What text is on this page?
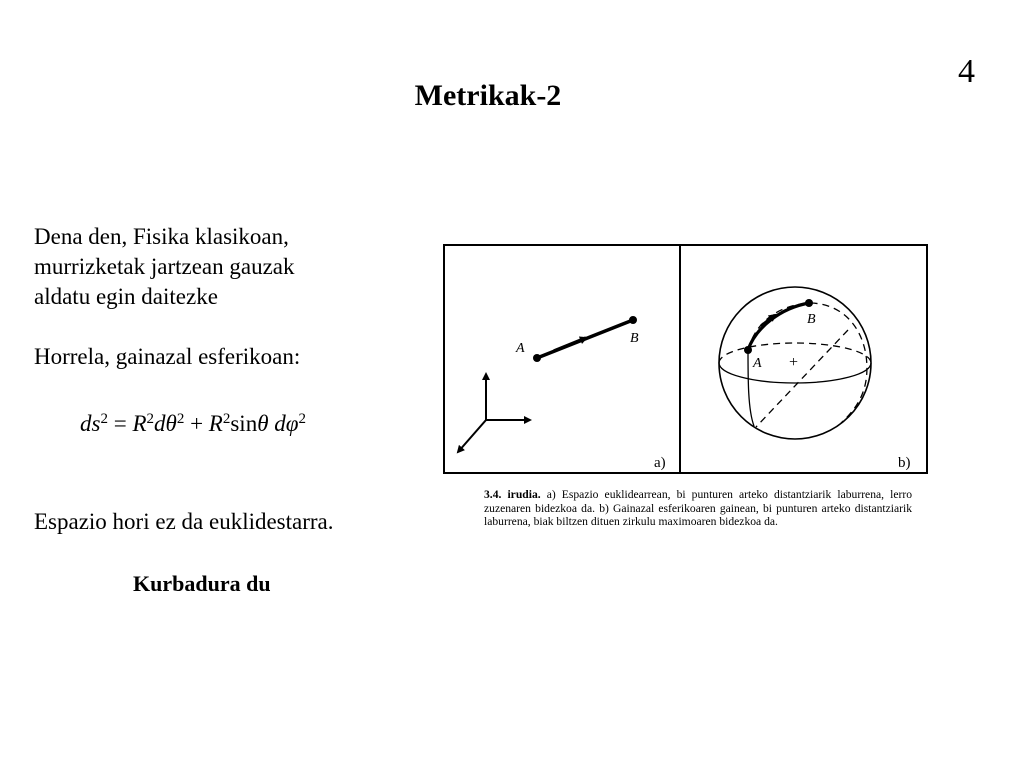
4
Metrikak-2
Dena den, Fisika klasikoan,
murrizketak jartzean gauzak
aldatu egin daitezke
Horrela, gainazal esferikoan:
$ds^2 = R^2d\theta^2 + R^2\sin\theta$ $d\varphi^2$
Espazio hori ez da euklidestarra.
Kurbadura du
A
B
a)
A
B
+
b)
3.4. irudia. a) Espazio euklidearrean, bi punturen arteko distantziarik laburrena, lerro zuzenaren bidezkoa da. b) Gainazal esferikoaren gainean, bi punturen arteko distantziarik laburrena, biak biltzen dituen zirkulu maximoaren bidezkoa da.
